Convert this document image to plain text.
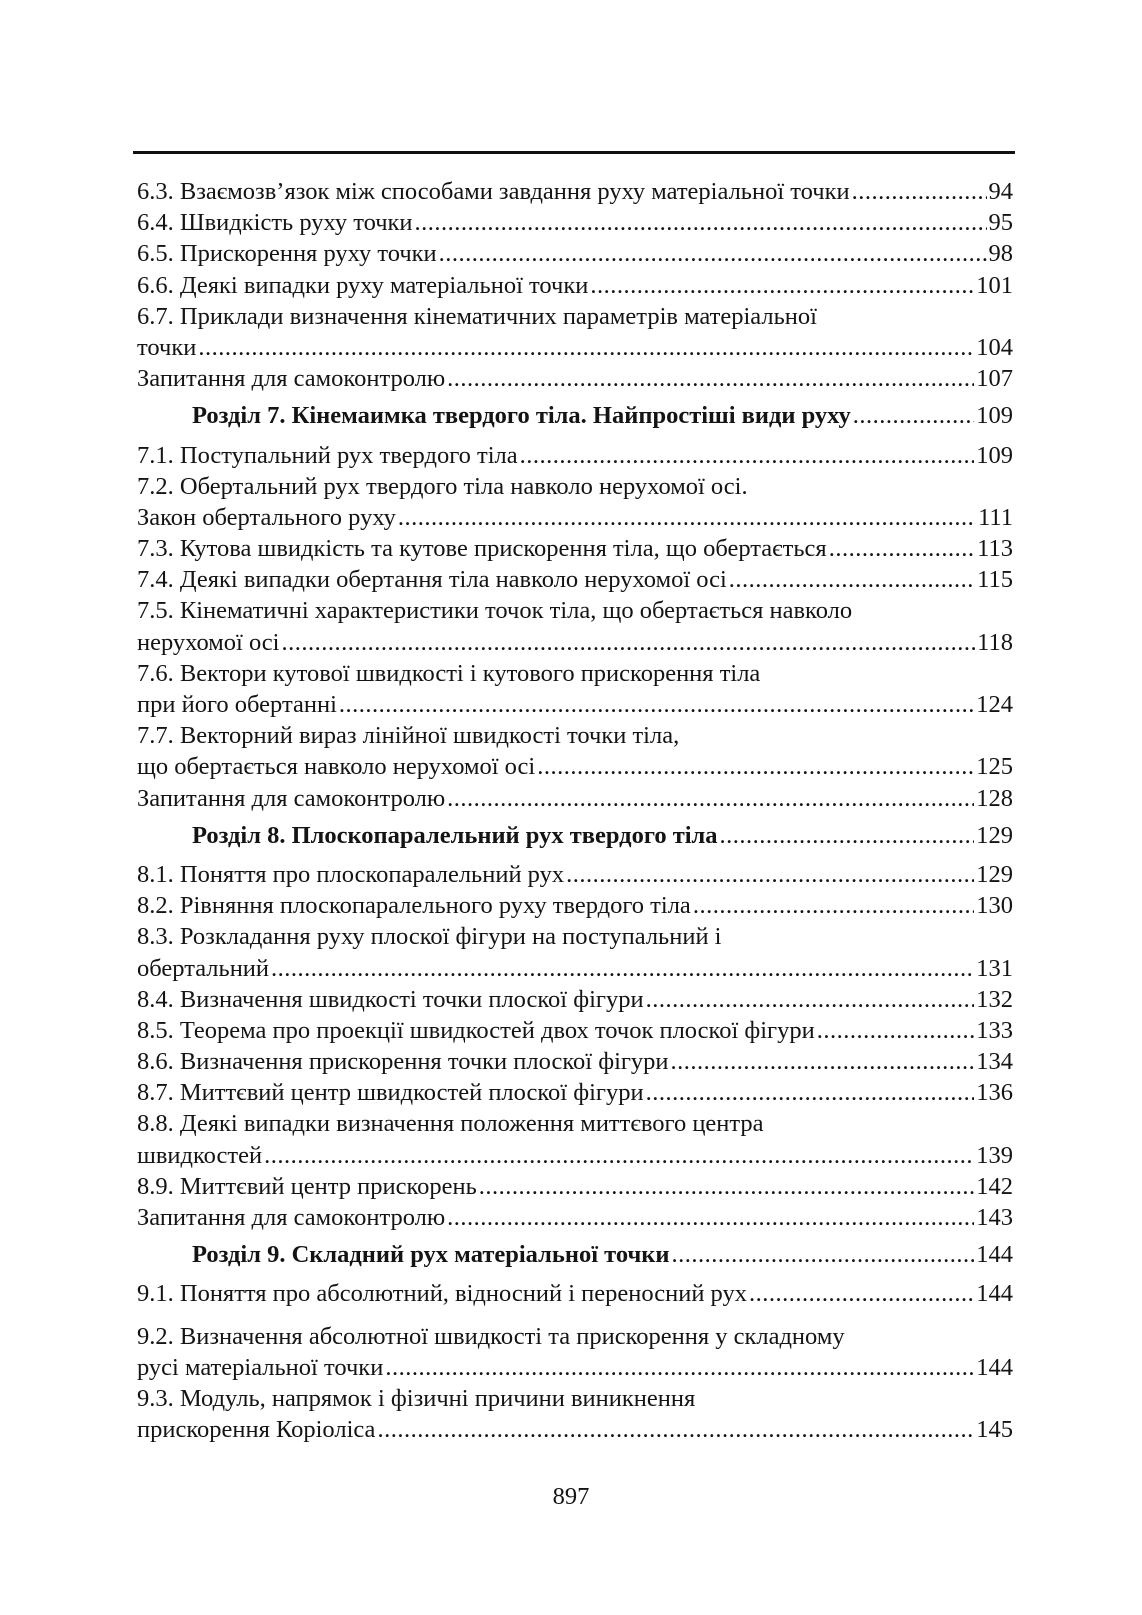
6.3. Взаємозв’язок між способами завдання руху матеріальної точки .....	94
6.4. Швидкість руху точки .....	95
6.5. Прискорення руху точки .....	98
6.6. Деякі випадки руху матеріальної точки .....	101
6.7. Приклади визначення кінематичних параметрів матеріальної
точки .....	104
Запитання для самоконтролю .....	107
Розділ 7. Кінемаимка твердого тіла. Найпростіші види руху .....	109
7.1. Поступальний рух твердого тіла .....	109
7.2. Обертальний рух твердого тіла навколо нерухомої осі.
Закон обертального руху .....	111
7.3. Кутова швидкість та кутове прискорення тіла, що обертається .....	113
7.4. Деякі випадки обертання тіла навколо нерухомої осі .....	115
7.5. Кінематичні характеристики точок тіла, що обертається навколо
нерухомої осі .....	118
7.6. Вектори кутової швидкості і кутового прискорення тіла
при його обертанні .....	124
7.7. Векторний вираз лінійної швидкості точки тіла,
що обертається навколо нерухомої осі .....	125
Запитання для самоконтролю .....	128
Розділ 8. Плоскопаралельний рух твердого тіла .....	129
8.1. Поняття про плоскопаралельний рух .....	129
8.2. Рівняння плоскопаралельного руху твердого тіла .....	130
8.3. Розкладання руху плоскої фігури на поступальний і
обертальний .....	131
8.4. Визначення швидкості точки плоскої фігури .....	132
8.5. Теорема про проекції швидкостей двох точок плоскої фігури .....	133
8.6. Визначення прискорення точки плоскої фігури .....	134
8.7. Миттєвий центр швидкостей плоскої фігури .....	136
8.8. Деякі випадки визначення положення миттєвого центра
швидкостей .....	139
8.9. Миттєвий центр прискорень .....	142
Запитання для самоконтролю .....	143
Розділ 9. Складний рух матеріальної точки .....	144
9.1. Поняття про абсолютний, відносний і переносний рух .....	144
9.2. Визначення абсолютної швидкості та прискорення у складному
русі матеріальної точки .....	144
9.3. Модуль, напрямок і фізичні причини виникнення
прискорення Коріоліса .....	145
897
